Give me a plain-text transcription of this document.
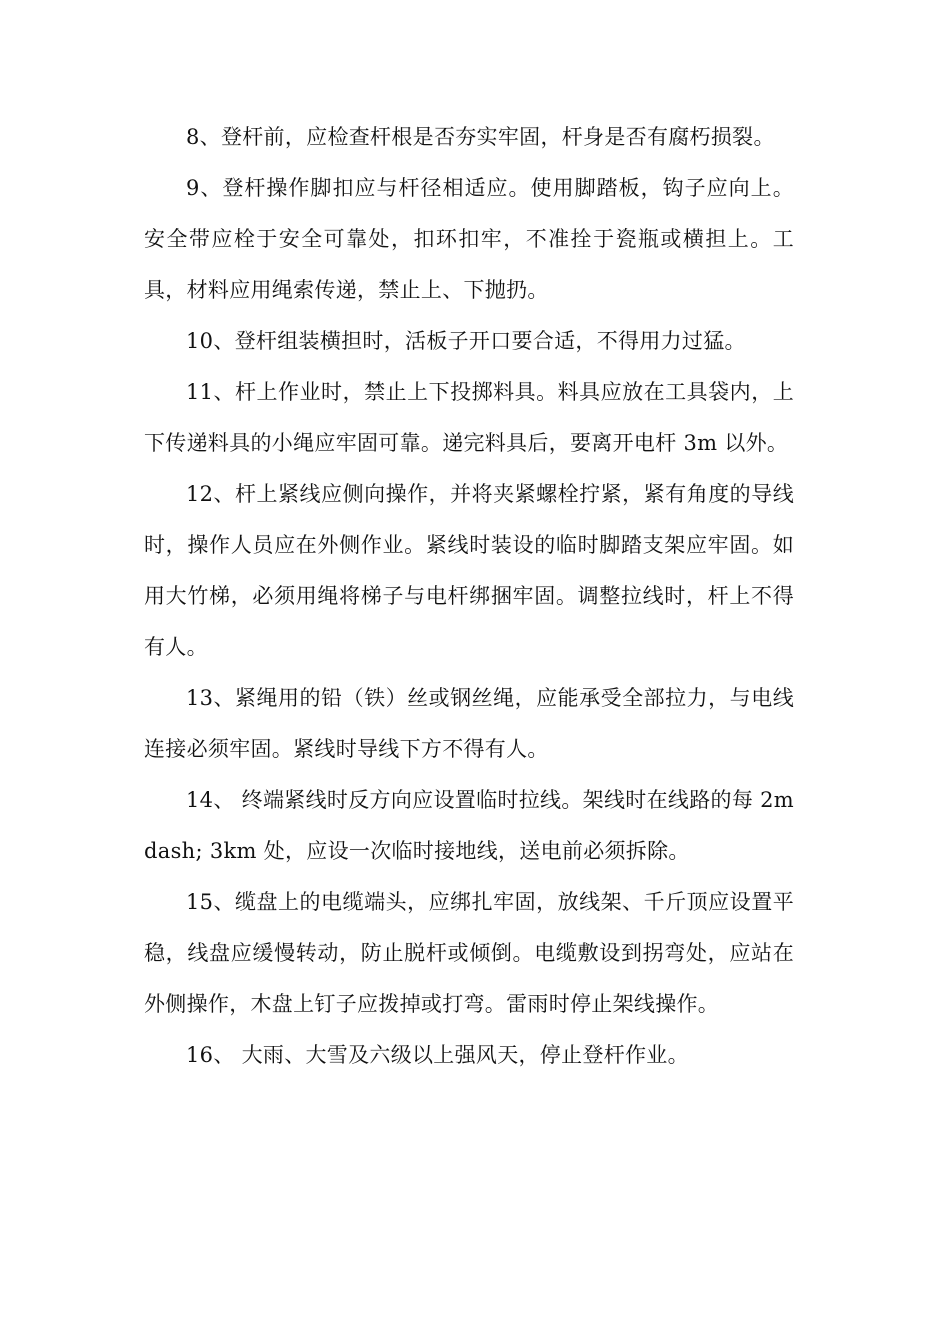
8、登杆前，应检查杆根是否夯实牢固，杆身是否有腐朽损裂。

9、登杆操作脚扣应与杆径相适应。使用脚踏板，钩子应向上。安全带应栓于安全可靠处，扣环扣牢，不准拴于瓷瓶或横担上。工具，材料应用绳索传递，禁止上、下抛扔。

10、登杆组装横担时，活板子开口要合适，不得用力过猛。

11、杆上作业时，禁止上下投掷料具。料具应放在工具袋内，上下传递料具的小绳应牢固可靠。递完料具后，要离开电杆 3m 以外。

12、杆上紧线应侧向操作，并将夹紧螺栓拧紧，紧有角度的导线时，操作人员应在外侧作业。紧线时装设的临时脚踏支架应牢固。如用大竹梯，必须用绳将梯子与电杆绑捆牢固。调整拉线时，杆上不得有人。

13、紧绳用的铅（铁）丝或钢丝绳，应能承受全部拉力，与电线连接必须牢固。紧线时导线下方不得有人。

14、 终端紧线时反方向应设置临时拉线。架线时在线路的每 2mdash; 3km 处，应设一次临时接地线，送电前必须拆除。

15、缆盘上的电缆端头，应绑扎牢固，放线架、千斤顶应设置平稳，线盘应缓慢转动，防止脱杆或倾倒。电缆敷设到拐弯处，应站在外侧操作，木盘上钉子应拨掉或打弯。雷雨时停止架线操作。

16、 大雨、大雪及六级以上强风天，停止登杆作业。
